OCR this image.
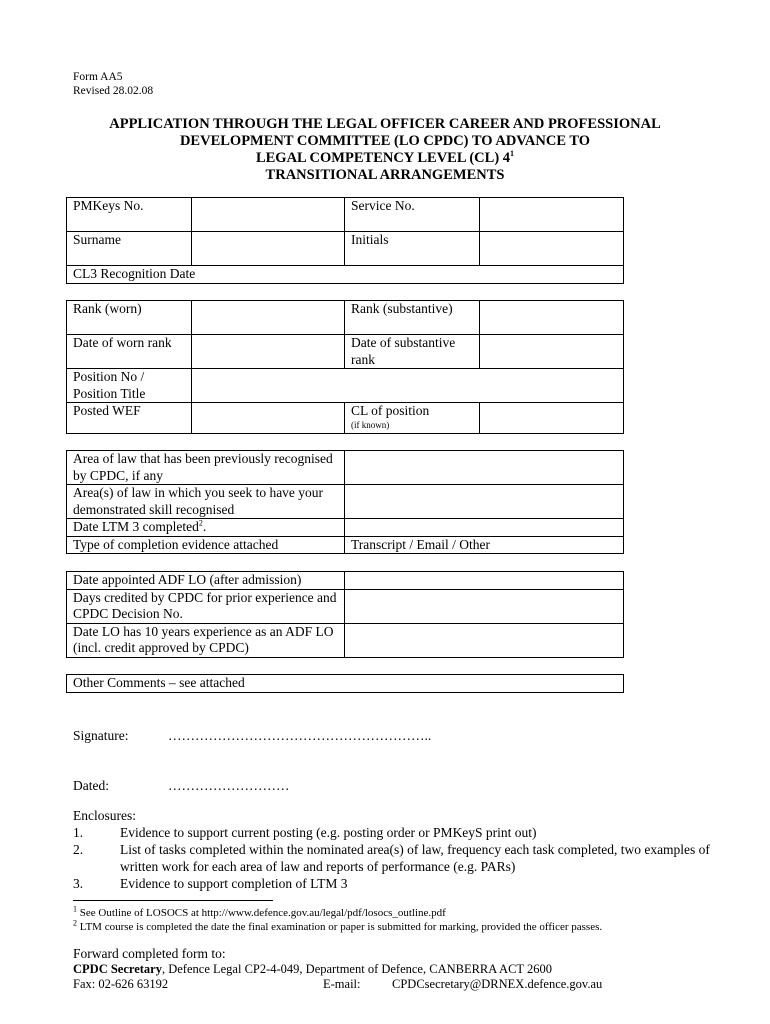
Form AA5
Revised 28.02.08
APPLICATION THROUGH THE LEGAL OFFICER CAREER AND PROFESSIONAL
DEVELOPMENT COMMITTEE (LO CPDC) TO ADVANCE TO
LEGAL COMPETENCY LEVEL (CL) $4^1$
TRANSITIONAL ARRANGEMENTS
PMKeys No.		Service No.	
Surname		Initials	
CL3 Recognition Date			
Rank (worn)		Rank (substantive)	
Date of worn rank		Date of substantive rank	
Position No / Position Title			
Posted WEF		CL of position
(if known)	

Area of law that has been previously recognised by CPDC, if any	
Area(s) of law in which you seek to have your demonstrated skill recognised	
Date LTM 3 completed$^2$.	
Type of completion evidence attached	Transcript / Email / Other
Date appointed ADF LO (after admission)	
Days credited by CPDC for prior experience and CPDC Decision No.	
Date LO has 10 years experience as an ADF LO (incl. credit approved by CPDC)	
Other Comments – see attached
Signature:	…………………………………………………..
Dated:	………………………
Enclosures:
1.	Evidence to support current posting (e.g. posting order or PMKeyS print out)
2.	List of tasks completed within the nominated area(s) of law, frequency each task completed, two examples of written work for each area of law and reports of performance (e.g. PARs)
3.	Evidence to support completion of LTM 3
$^1$ See Outline of LOSOCS at http://www.defence.gov.au/legal/pdf/losocs_outline.pdf
$^2$ LTM course is completed the date the final examination or paper is submitted for marking, provided the officer passes.
Forward completed form to:
CPDC Secretary, Defence Legal CP2-4-049, Department of Defence, CANBERRA ACT 2600
Fax: 02-626 63192	E-mail:	CPDCsecretary@DRNEX.defence.gov.au
